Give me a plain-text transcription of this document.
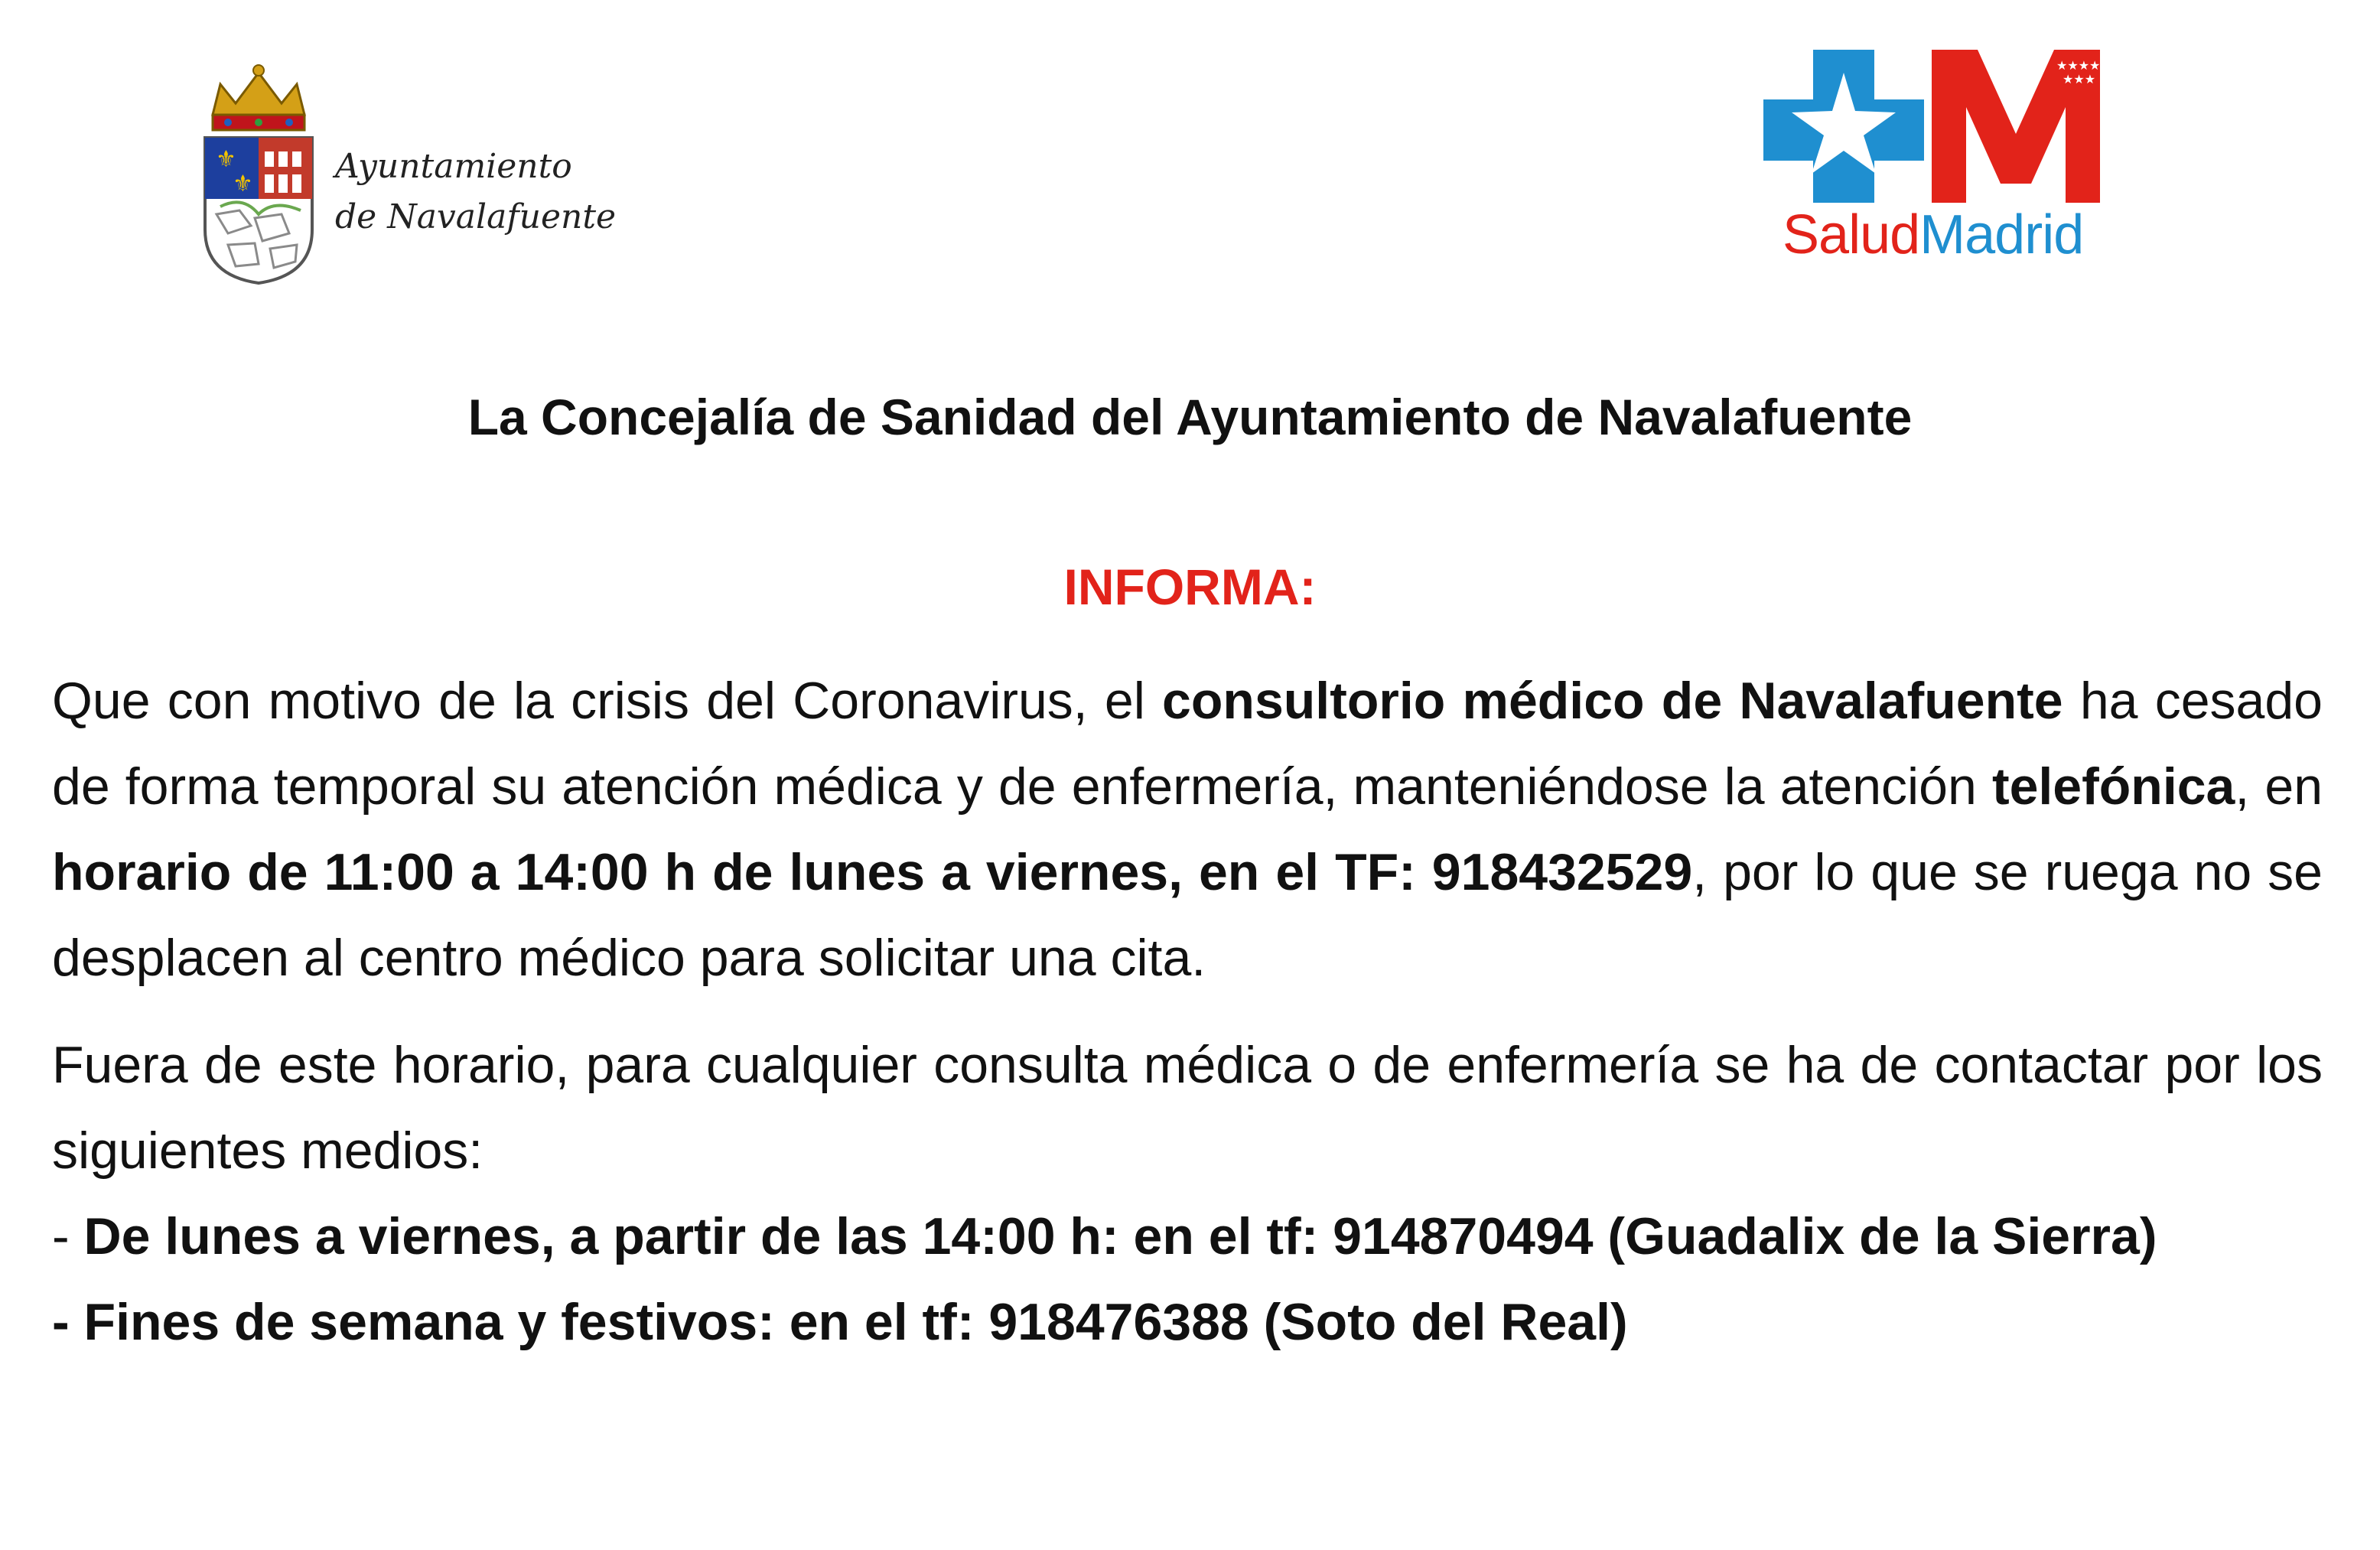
⚜
⚜ Ayuntamiento
de Navalafuente
★★★★
★★★
SaludMadrid
La Concejalía de Sanidad del Ayuntamiento de Navalafuente
INFORMA:

Que con motivo de la crisis del Coronavirus, el consultorio médico de Navalafuente ha cesado de forma temporal su atención médica y de enfermería, manteniéndose la atención telefónica, en horario de 11:00 a 14:00 h de lunes a viernes, en el TF: 918432529, por lo que se ruega no se desplacen al centro médico para solicitar una cita.

Fuera de este horario, para cualquier consulta médica o de enfermería se ha de contactar por los siguientes medios:

- De lunes a viernes, a partir de las 14:00 h: en el tf: 914870494 (Guadalix de la Sierra)

- Fines de semana y festivos: en el tf: 918476388 (Soto del Real)
